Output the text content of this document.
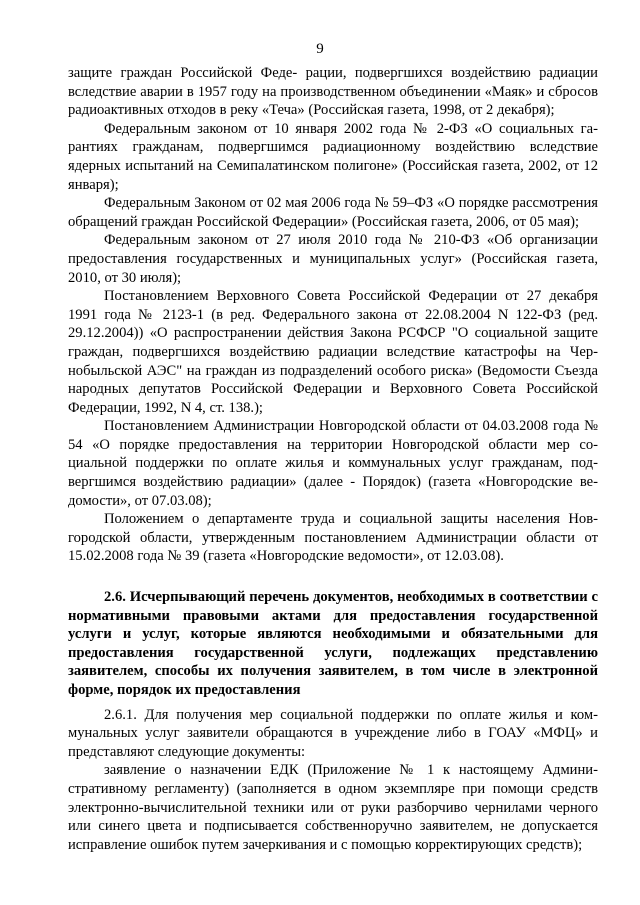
9

защите граждан Российской Феде- рации, подвергшихся воздействию радиации вследствие аварии в 1957 году на производственном объединении «Маяк» и сбросов радиоактивных отходов в реку «Теча» (Российская газета, 1998, от 2 декабря);

Федеральным законом от 10 января 2002 года № 2-ФЗ «О социальных гарантиях гражданам, подвергшимся радиационному воздействию вследствие ядерных испытаний на Семипалатинском полигоне» (Российская газета, 2002, от 12 января);

Федеральным Законом от 02 мая 2006 года № 59–ФЗ «О порядке рассмотрения обращений граждан Российской Федерации» (Российская газета, 2006, от 05 мая);

Федеральным законом от 27 июля 2010 года № 210-ФЗ «Об организации предоставления государственных и муниципальных услуг» (Российская газета, 2010, от 30 июля);

Постановлением Верховного Совета Российской Федерации от 27 декабря 1991 года № 2123-1 (в ред. Федерального закона от 22.08.2004 N 122-ФЗ (ред. 29.12.2004)) «О распространении действия Закона РСФСР "О социальной защите граждан, подвергшихся воздействию радиации вследствие катастрофы на Чернобыльской АЭС" на граждан из подразделений особого риска» (Ведомости Съезда народных депутатов Российской Федерации и Верховного Совета Российской Федерации, 1992, N 4, ст. 138.);

Постановлением Администрации Новгородской области от 04.03.2008 года № 54 «О порядке предоставления на территории Новгородской области мер социальной поддержки по оплате жилья и коммунальных услуг гражданам, подвергшимся воздействию радиации» (далее - Порядок) (газета «Новгородские ведомости», от 07.03.08);

Положением о департаменте труда и социальной защиты населения Новгородской области, утвержденным постановлением Администрации области от 15.02.2008 года № 39 (газета «Новгородские ведомости», от 12.03.08).

2.6. Исчерпывающий перечень документов, необходимых в соответствии с нормативными правовыми актами для предоставления государственной услуги и услуг, которые являются необходимыми и обязательными для предоставления государственной услуги, подлежащих представлению заявителем, способы их получения заявителем, в том числе в электронной форме, порядок их предоставления

2.6.1. Для получения мер социальной поддержки по оплате жилья и коммунальных услуг заявители обращаются в учреждение либо в ГОАУ «МФЦ» и представляют следующие документы:

заявление о назначении ЕДК (Приложение № 1 к настоящему Административному регламенту) (заполняется в одном экземпляре при помощи средств электронно-вычислительной техники или от руки разборчиво чернилами черного или синего цвета и подписывается собственноручно заявителем, не допускается исправление ошибок путем зачеркивания и с помощью корректирующих средств);
